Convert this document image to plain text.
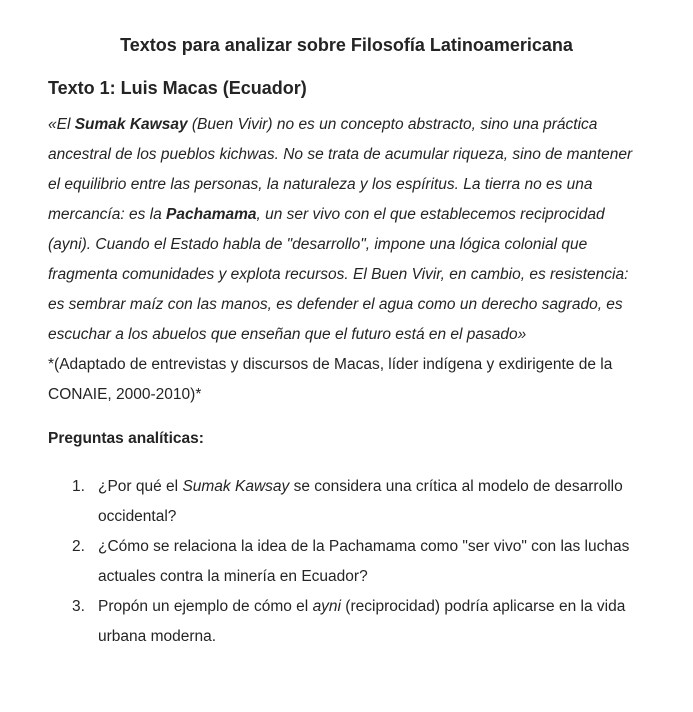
Textos para analizar sobre Filosofía Latinoamericana
Texto 1: Luis Macas (Ecuador)

«El Sumak Kawsay (Buen Vivir) no es un concepto abstracto, sino una práctica ancestral de los pueblos kichwas. No se trata de acumular riqueza, sino de mantener el equilibrio entre las personas, la naturaleza y los espíritus. La tierra no es una mercancía: es la Pachamama, un ser vivo con el que establecemos reciprocidad (ayni). Cuando el Estado habla de "desarrollo", impone una lógica colonial que fragmenta comunidades y explota recursos. El Buen Vivir, en cambio, es resistencia: es sembrar maíz con las manos, es defender el agua como un derecho sagrado, es escuchar a los abuelos que enseñan que el futuro está en el pasado»

*(Adaptado de entrevistas y discursos de Macas, líder indígena y exdirigente de la CONAIE, 2000-2010)*

Preguntas analíticas:
1. ¿Por qué el Sumak Kawsay se considera una crítica al modelo de desarrollo occidental?
2. ¿Cómo se relaciona la idea de la Pachamama como "ser vivo" con las luchas actuales contra la minería en Ecuador?
3. Propón un ejemplo de cómo el ayni (reciprocidad) podría aplicarse en la vida urbana moderna.
